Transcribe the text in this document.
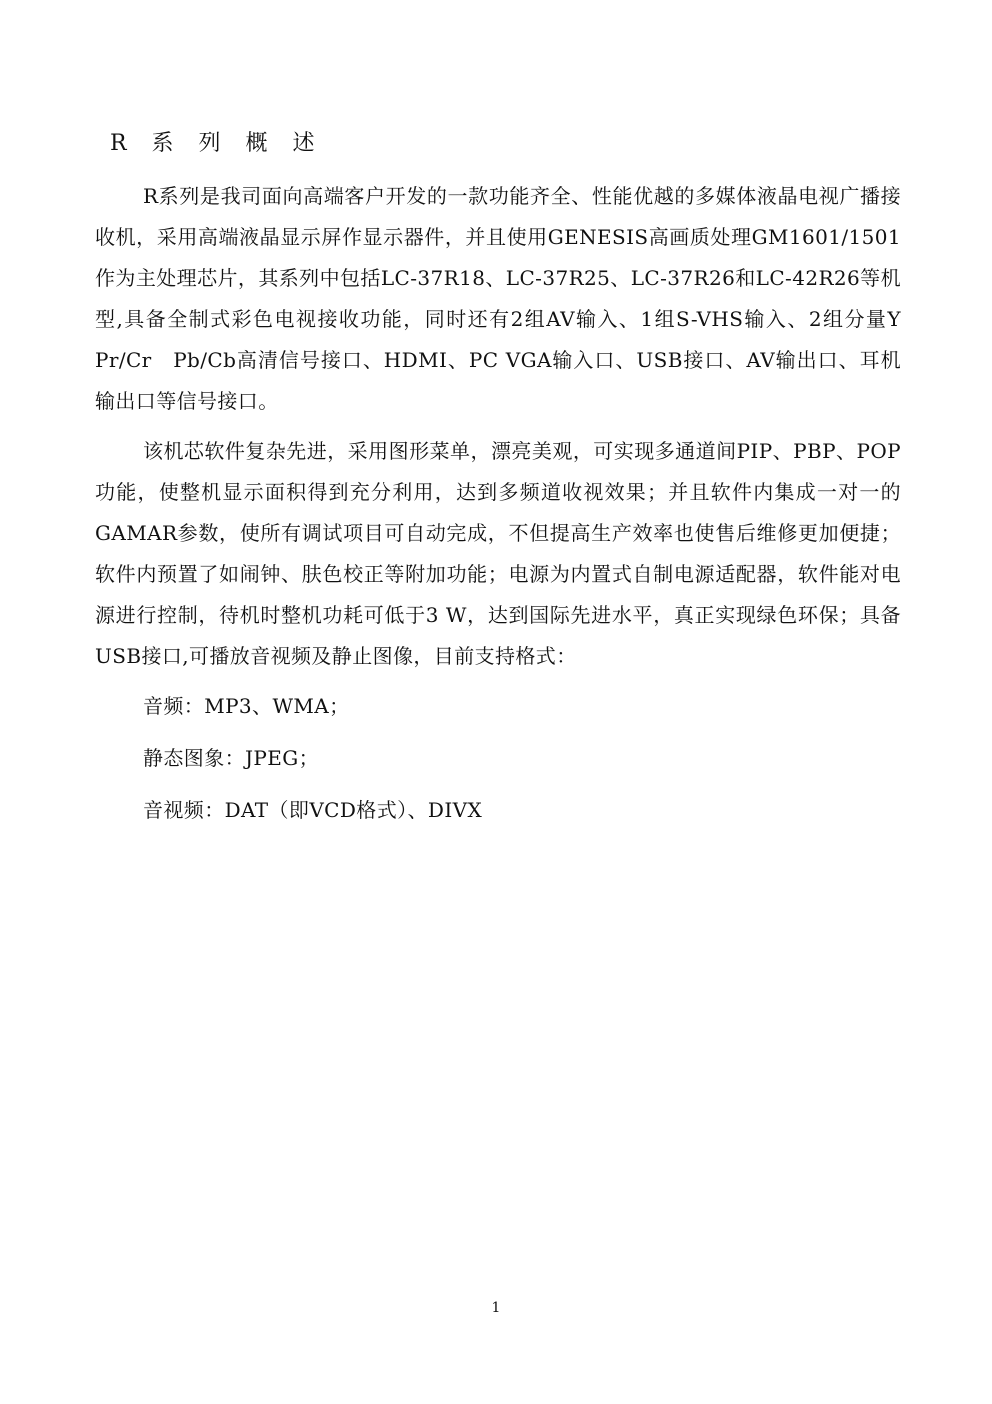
R 系 列 概 述

R系列是我司面向高端客户开发的一款功能齐全、性能优越的多媒体液晶电视广播接收机，采用高端液晶显示屏作显示器件，并且使用GENESIS高画质处理GM1601/1501作为主处理芯片，其系列中包括LC-37R18、LC-37R25、LC-37R26和LC-42R26等机型,具备全制式彩色电视接收功能，同时还有2组AV输入、1组S-VHS输入、2组分量Y　Pr/Cr　Pb/Cb高清信号接口、HDMI、PC VGA输入口、USB接口、AV输出口、耳机输出口等信号接口。

该机芯软件复杂先进，采用图形菜单，漂亮美观，可实现多通道间PIP、PBP、POP功能，使整机显示面积得到充分利用，达到多频道收视效果；并且软件内集成一对一的GAMAR参数，使所有调试项目可自动完成，不但提高生产效率也使售后维修更加便捷；软件内预置了如闹钟、肤色校正等附加功能；电源为内置式自制电源适配器，软件能对电源进行控制，待机时整机功耗可低于3 W，达到国际先进水平，真正实现绿色环保；具备USB接口,可播放音视频及静止图像，目前支持格式：

音频：MP3、WMA；

静态图象：JPEG；

音视频：DAT（即VCD格式）、DIVX

1
